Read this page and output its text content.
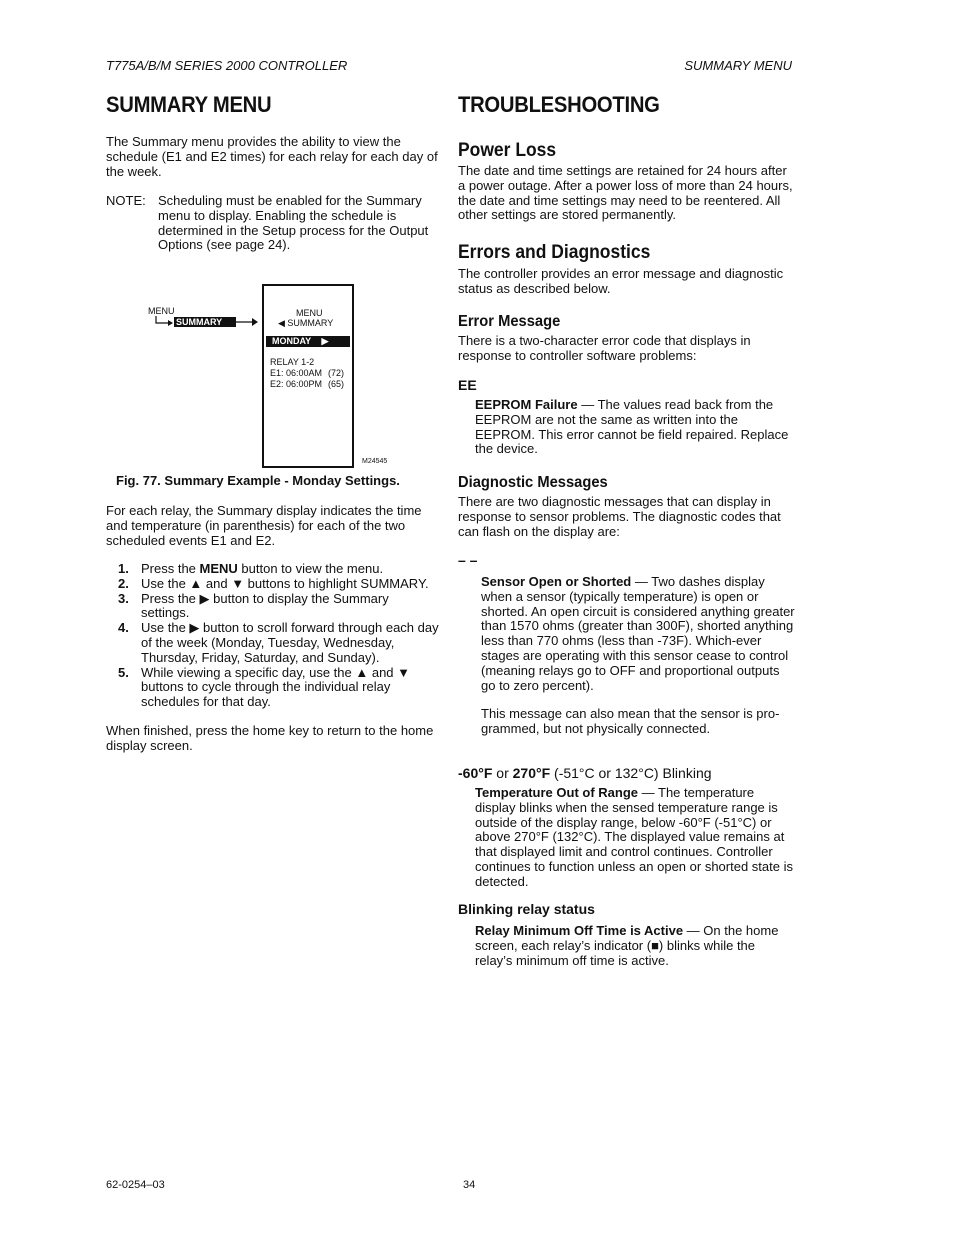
T775A/B/M SERIES 2000 CONTROLLER	SUMMARY MENU
SUMMARY MENU
The Summary menu provides the ability to view the schedule (E1 and E2 times) for each relay for each day of the week.
NOTE: Scheduling must be enabled for the Summary menu to display. Enabling the schedule is determined in the Setup process for the Output Options (see page 24).
MENU
SUMMARY
MENU
◀ SUMMARY
MONDAY ▶
RELAY 1-2
E1: 06:00AM (72)
E2: 06:00PM (65)
M24545
Fig. 77. Summary Example - Monday Settings.
For each relay, the Summary display indicates the time and temperature (in parenthesis) for each of the two scheduled events E1 and E2.
1. Press the MENU button to view the menu.
2. Use the ▲ and ▼ buttons to highlight SUMMARY.
3. Press the ▶ button to display the Summary settings.
4. Use the ▶ button to scroll forward through each day of the week (Monday, Tuesday, Wednesday, Thursday, Friday, Saturday, and Sunday).
5. While viewing a specific day, use the ▲ and ▼ buttons to cycle through the individual relay schedules for that day.
When finished, press the home key to return to the home display screen.
TROUBLESHOOTING
Power Loss
The date and time settings are retained for 24 hours after a power outage. After a power loss of more than 24 hours, the date and time settings may need to be reentered. All other settings are stored permanently.
Errors and Diagnostics
The controller provides an error message and diagnostic status as described below.
Error Message
There is a two-character error code that displays in response to controller software problems:
EE
EEPROM Failure — The values read back from the EEPROM are not the same as written into the EEPROM. This error cannot be field repaired. Replace the device.
Diagnostic Messages
There are two diagnostic messages that can display in response to sensor problems. The diagnostic codes that can flash on the display are:
– –
Sensor Open or Shorted — Two dashes display when a sensor (typically temperature) is open or shorted. An open circuit is considered anything greater than 1570 ohms (greater than 300F), shorted anything less than 770 ohms (less than -73F). Which-ever stages are operating with this sensor cease to control (meaning relays go to OFF and proportional outputs go to zero percent).
This message can also mean that the sensor is pro-grammed, but not physically connected.
-60°F or 270°F (-51°C or 132°C) Blinking
Temperature Out of Range — The temperature display blinks when the sensed temperature range is outside of the display range, below -60°F (-51°C) or above 270°F (132°C). The displayed value remains at that displayed limit and control continues. Controller continues to function unless an open or shorted state is detected.
Blinking relay status
Relay Minimum Off Time is Active — On the home screen, each relay’s indicator (■) blinks while the relay’s minimum off time is active.
62-0254–03	34
